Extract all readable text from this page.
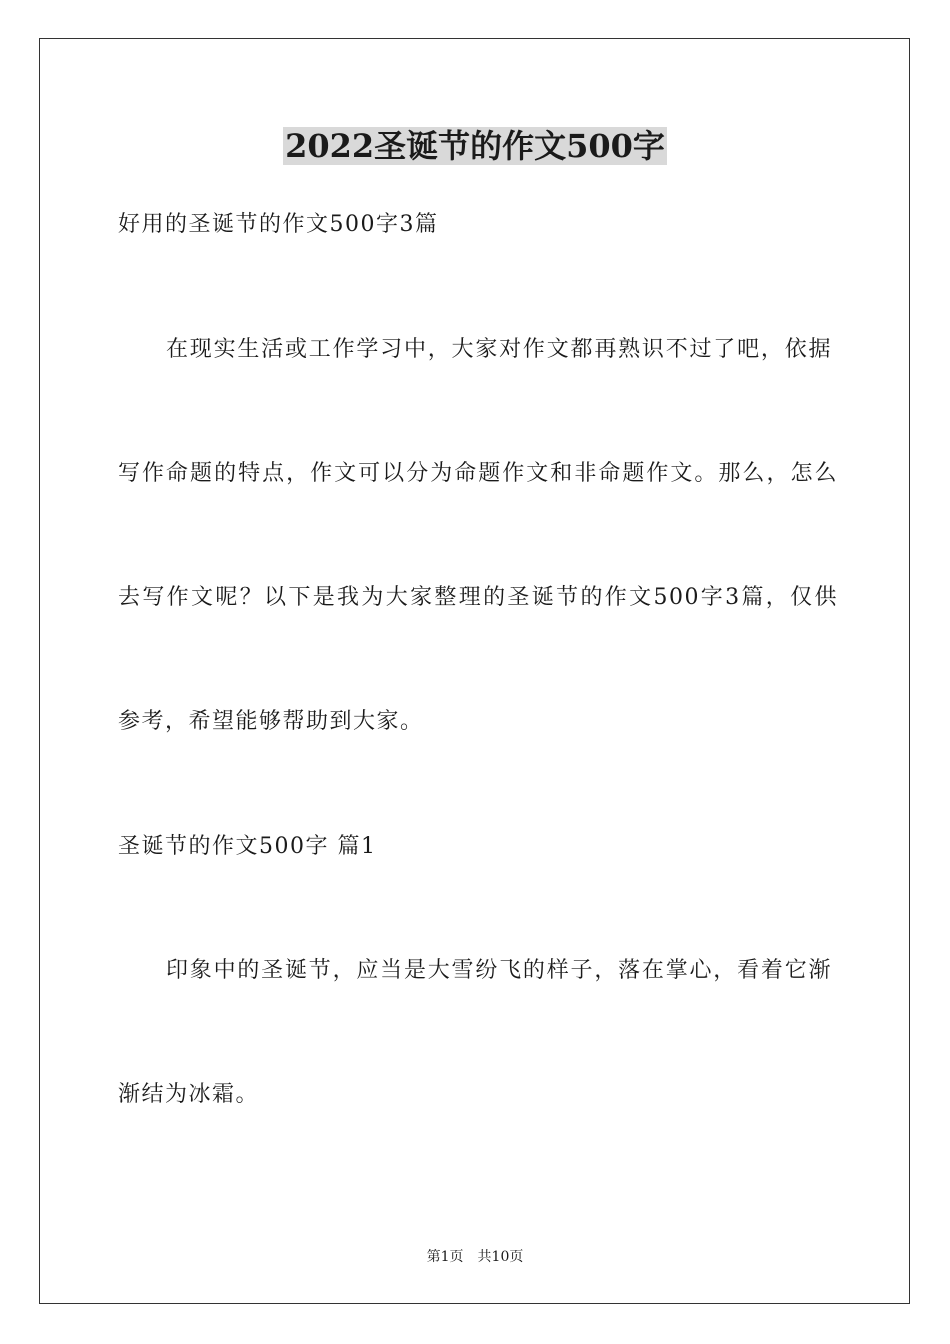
2022圣诞节的作文500字
好用的圣诞节的作文500字3篇
在现实生活或工作学习中，大家对作文都再熟识不过了吧，依据
写作命题的特点，作文可以分为命题作文和非命题作文。那么，怎么
去写作文呢？以下是我为大家整理的圣诞节的作文500字3篇，仅供
参考，希望能够帮助到大家。
圣诞节的作文500字 篇1
印象中的圣诞节，应当是大雪纷飞的样子，落在掌心，看着它渐
渐结为冰霜。
第1页　共10页
